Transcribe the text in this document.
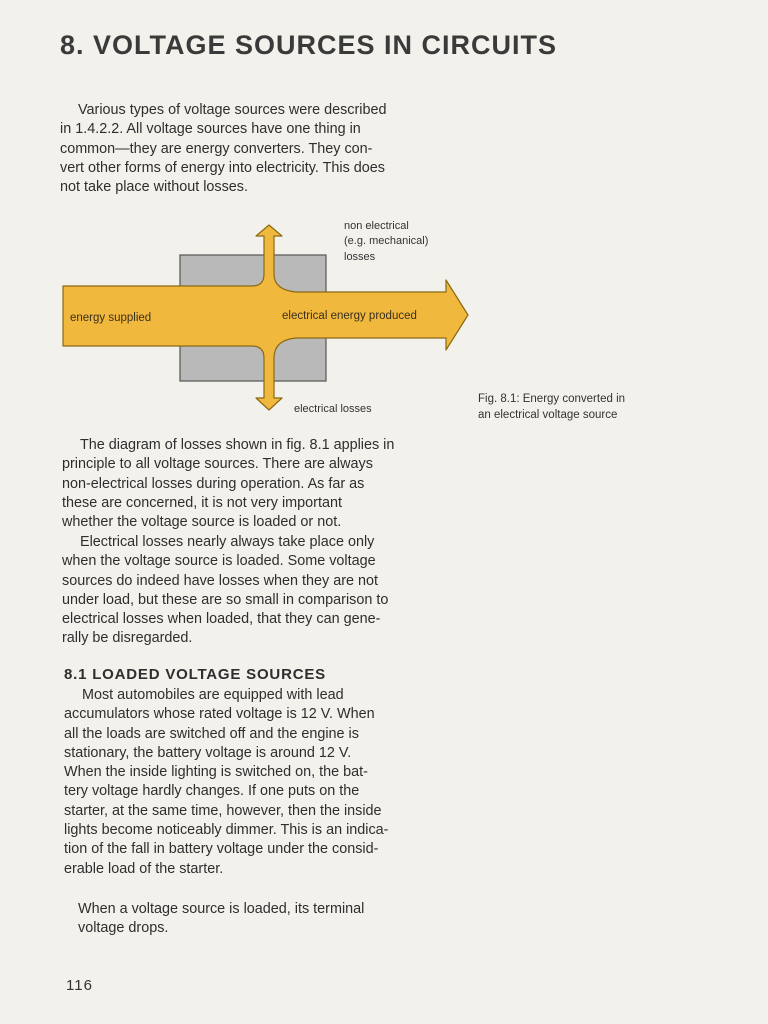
8. VOLTAGE SOURCES IN CIRCUITS

Various types of voltage sources were described
in 1.4.2.2. All voltage sources have one thing in
common—they are energy converters. They con-
vert other forms of energy into electricity. This does
not take place without losses.

energy supplied	electrical energy produced
non electrical
(e.g. mechanical)
losses
electrical losses
Fig. 8.1: Energy converted in
an electrical voltage source

The diagram of losses shown in fig. 8.1 applies in
principle to all voltage sources. There are always
non-electrical losses during operation. As far as
these are concerned, it is not very important
whether the voltage source is loaded or not.

Electrical losses nearly always take place only
when the voltage source is loaded. Some voltage
sources do indeed have losses when they are not
under load, but these are so small in comparison to
electrical losses when loaded, that they can gene-
rally be disregarded.

8.1 LOADED VOLTAGE SOURCES

Most automobiles are equipped with lead
accumulators whose rated voltage is 12 V. When
all the loads are switched off and the engine is
stationary, the battery voltage is around 12 V.
When the inside lighting is switched on, the bat-
tery voltage hardly changes. If one puts on the
starter, at the same time, however, then the inside
lights become noticeably dimmer. This is an indica-
tion of the fall in battery voltage under the consid-
erable load of the starter.

When a voltage source is loaded, its terminal
voltage drops.

116
